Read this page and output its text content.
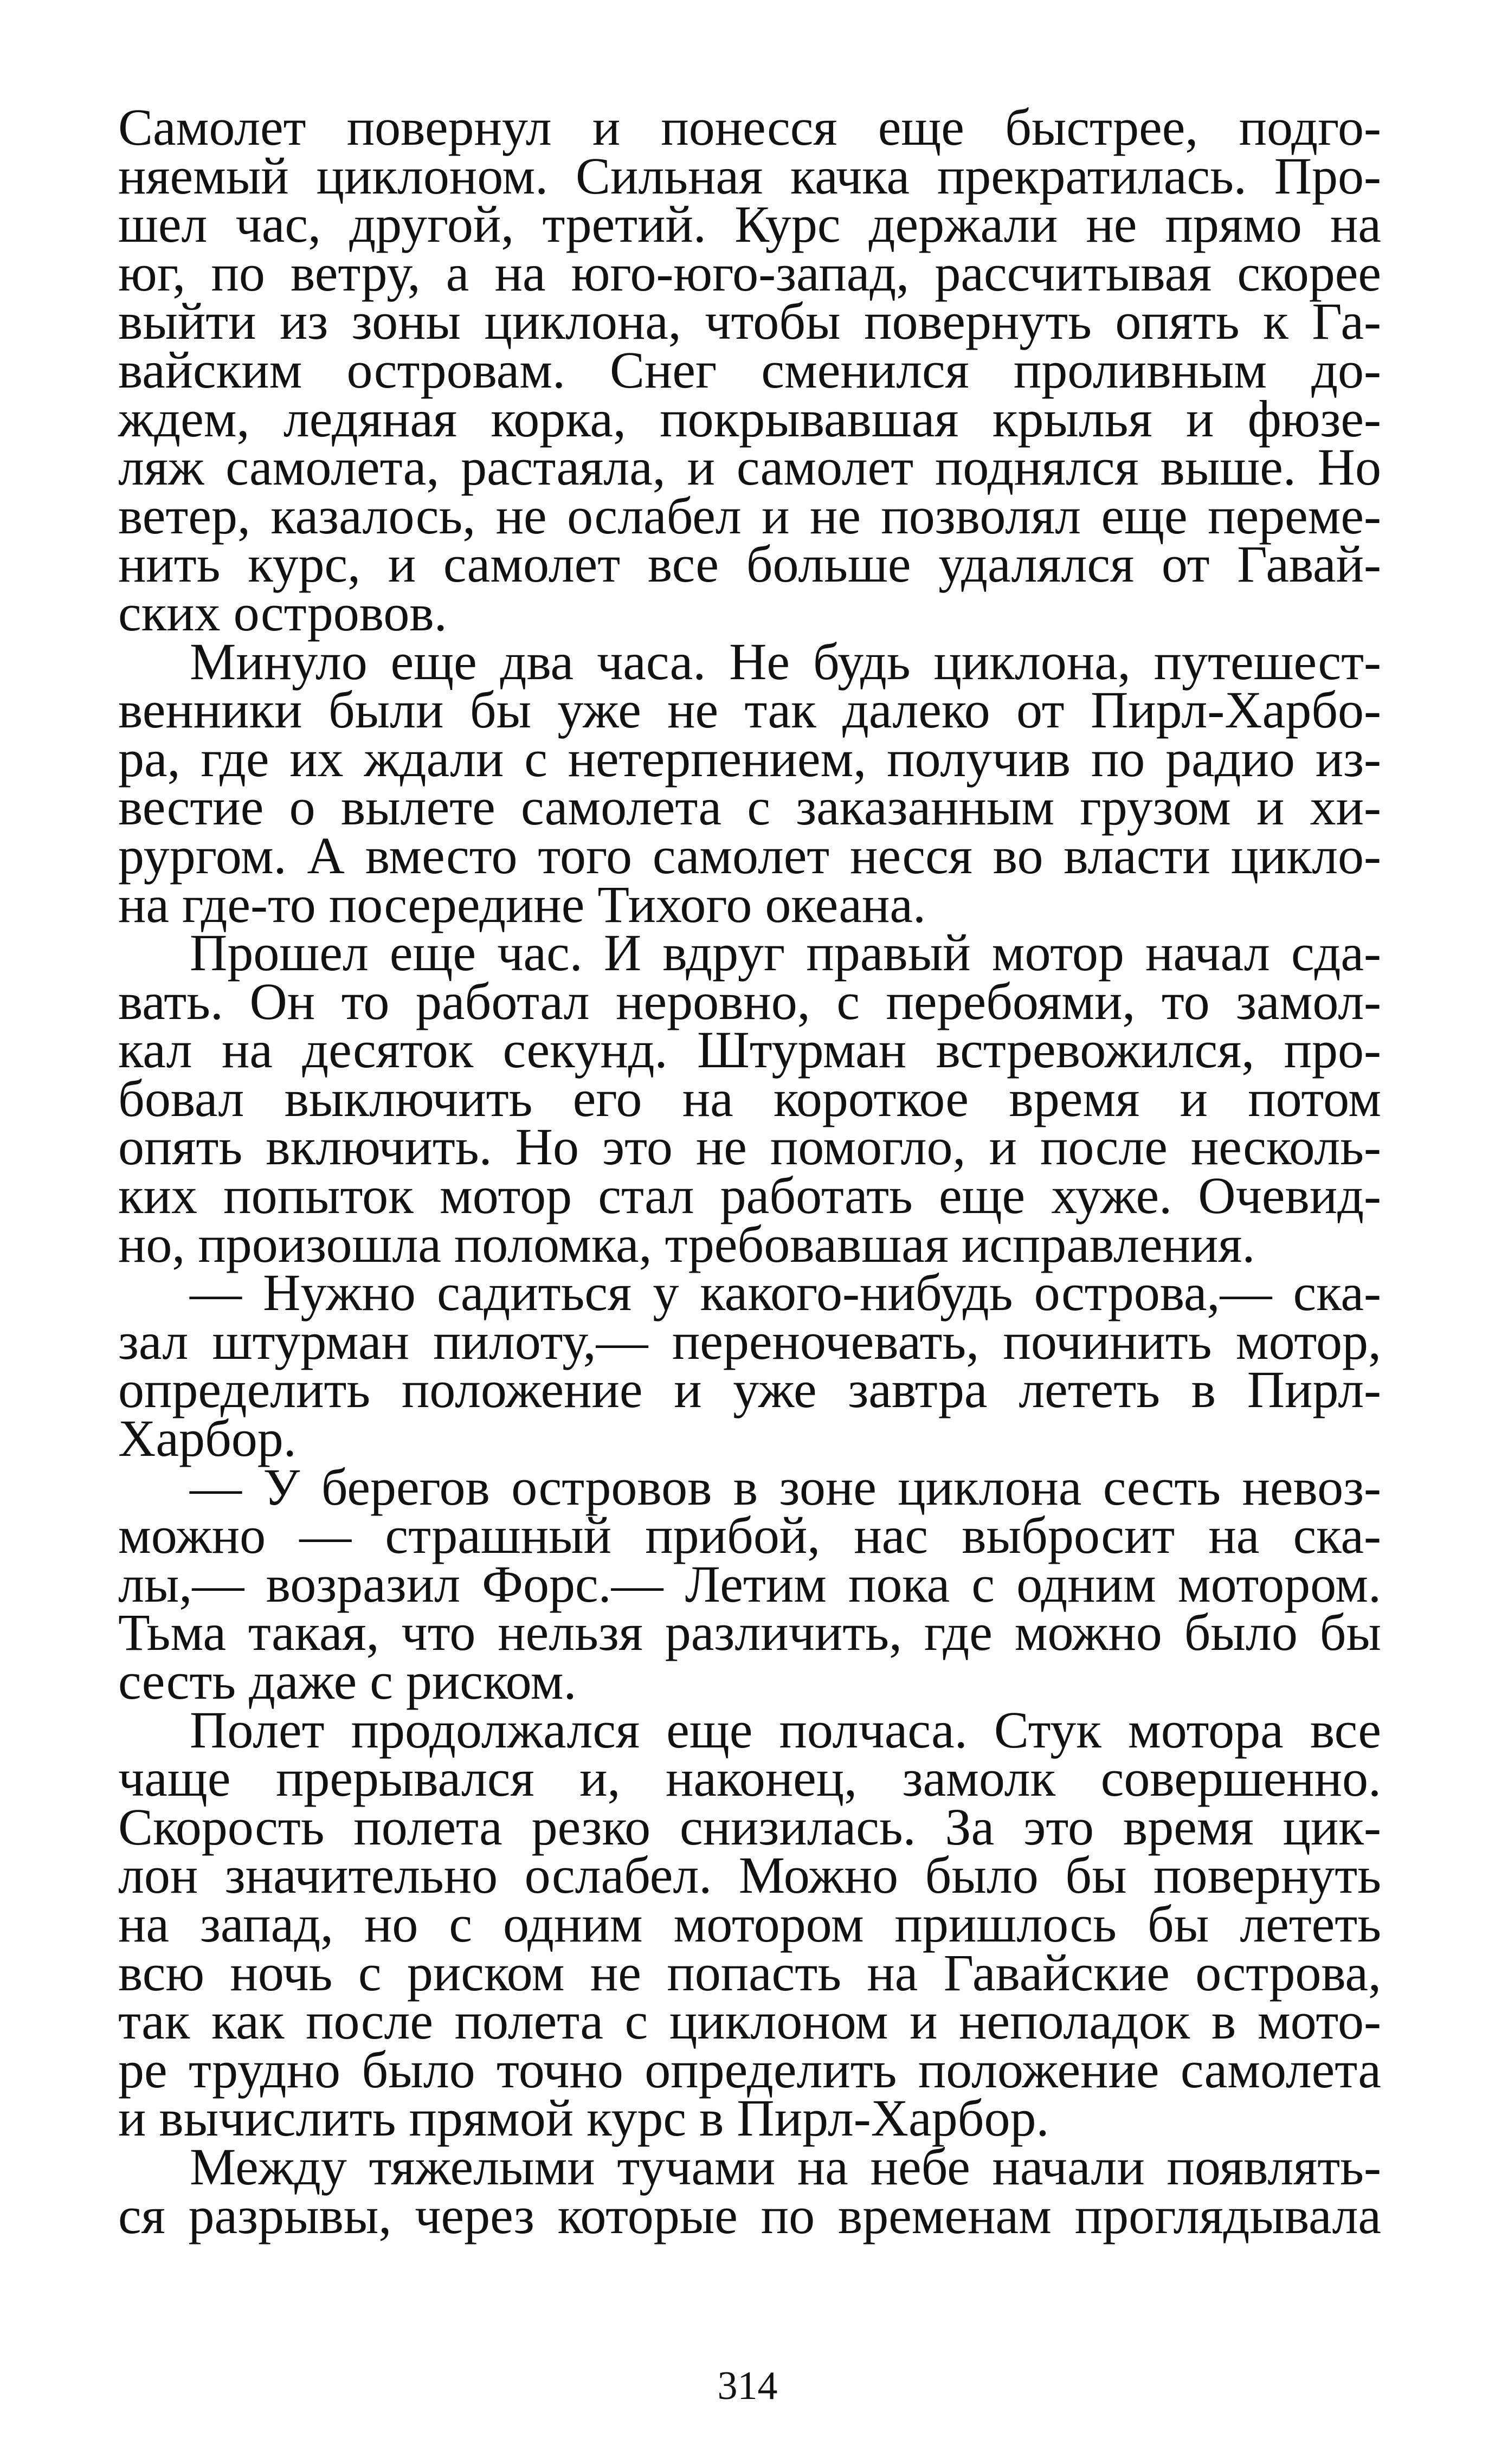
Самолет повернул и понесся еще быстрее, подго-
няемый циклоном. Сильная качка прекратилась. Про-
шел час, другой, третий. Курс держали не прямо на
юг, по ветру, а на юго-юго-запад, рассчитывая скорее
выйти из зоны циклона, чтобы повернуть опять к Га-
вайским островам. Снег сменился проливным до-
ждем, ледяная корка, покрывавшая крылья и фюзе-
ляж самолета, растаяла, и самолет поднялся выше. Но
ветер, казалось, не ослабел и не позволял еще переме-
нить курс, и самолет все больше удалялся от Гавай-
ских островов.
Минуло еще два часа. Не будь циклона, путешест-
венники были бы уже не так далеко от Пирл-Харбо-
ра, где их ждали с нетерпением, получив по радио из-
вестие о вылете самолета с заказанным грузом и хи-
рургом. А вместо того самолет несся во власти цикло-
на где-то посередине Тихого океана.
Прошел еще час. И вдруг правый мотор начал сда-
вать. Он то работал неровно, с перебоями, то замол-
кал на десяток секунд. Штурман встревожился, про-
бовал выключить его на короткое время и потом
опять включить. Но это не помогло, и после несколь-
ких попыток мотор стал работать еще хуже. Очевид-
но, произошла поломка, требовавшая исправления.
— Нужно садиться у какого-нибудь острова,— ска-
зал штурман пилоту,— переночевать, починить мотор,
определить положение и уже завтра лететь в Пирл-
Харбор.
— У берегов островов в зоне циклона сесть невоз-
можно — страшный прибой, нас выбросит на ска-
лы,— возразил Форс.— Летим пока с одним мотором.
Тьма такая, что нельзя различить, где можно было бы
сесть даже с риском.
Полет продолжался еще полчаса. Стук мотора все
чаще прерывался и, наконец, замолк совершенно.
Скорость полета резко снизилась. За это время цик-
лон значительно ослабел. Можно было бы повернуть
на запад, но с одним мотором пришлось бы лететь
всю ночь с риском не попасть на Гавайские острова,
так как после полета с циклоном и неполадок в мото-
ре трудно было точно определить положение самолета
и вычислить прямой курс в Пирл-Харбор.
Между тяжелыми тучами на небе начали появлять-
ся разрывы, через которые по временам проглядывала
314
